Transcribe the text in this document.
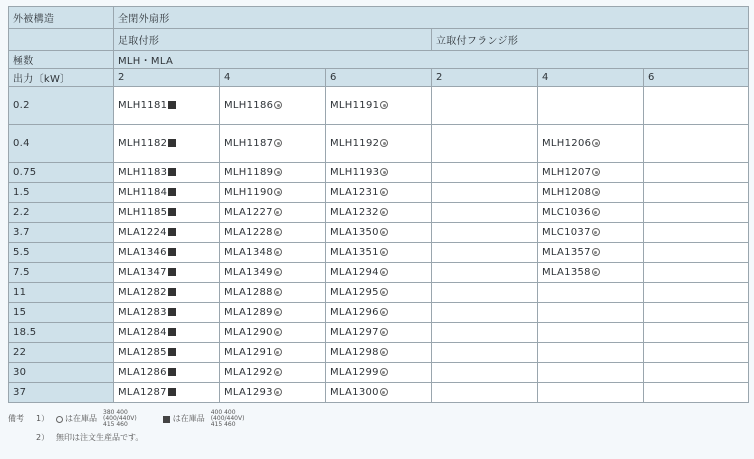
外被構造	全閉外扇形					
	足取付形			立取付フランジ形		
極数	MLH・MLA					
出力〔kW〕	2	4	6	2	4	6
0.2	MLH1181	MLH1186	MLH1191			
0.4	MLH1182	MLH1187	MLH1192		MLH1206	
0.75	MLH1183	MLH1189	MLH1193		MLH1207	
1.5	MLH1184	MLH1190	MLA1231		MLH1208	
2.2	MLH1185	MLA1227	MLA1232		MLC1036	
3.7	MLA1224	MLA1228	MLA1350		MLC1037	
5.5	MLA1346	MLA1348	MLA1351		MLA1357	
7.5	MLA1347	MLA1349	MLA1294		MLA1358	
11	MLA1282	MLA1288	MLA1295			
15	MLA1283	MLA1289	MLA1296			
18.5	MLA1284	MLA1290	MLA1297			
22	MLA1285	MLA1291	MLA1298			
30	MLA1286	MLA1292	MLA1299			
37	MLA1287	MLA1293	MLA1300			
備考	1）	は在庫品
380 400
(400/440V)
415 460
は在庫品
400 400
(400/440V)
415 460
2） 無印は注文生産品です。
